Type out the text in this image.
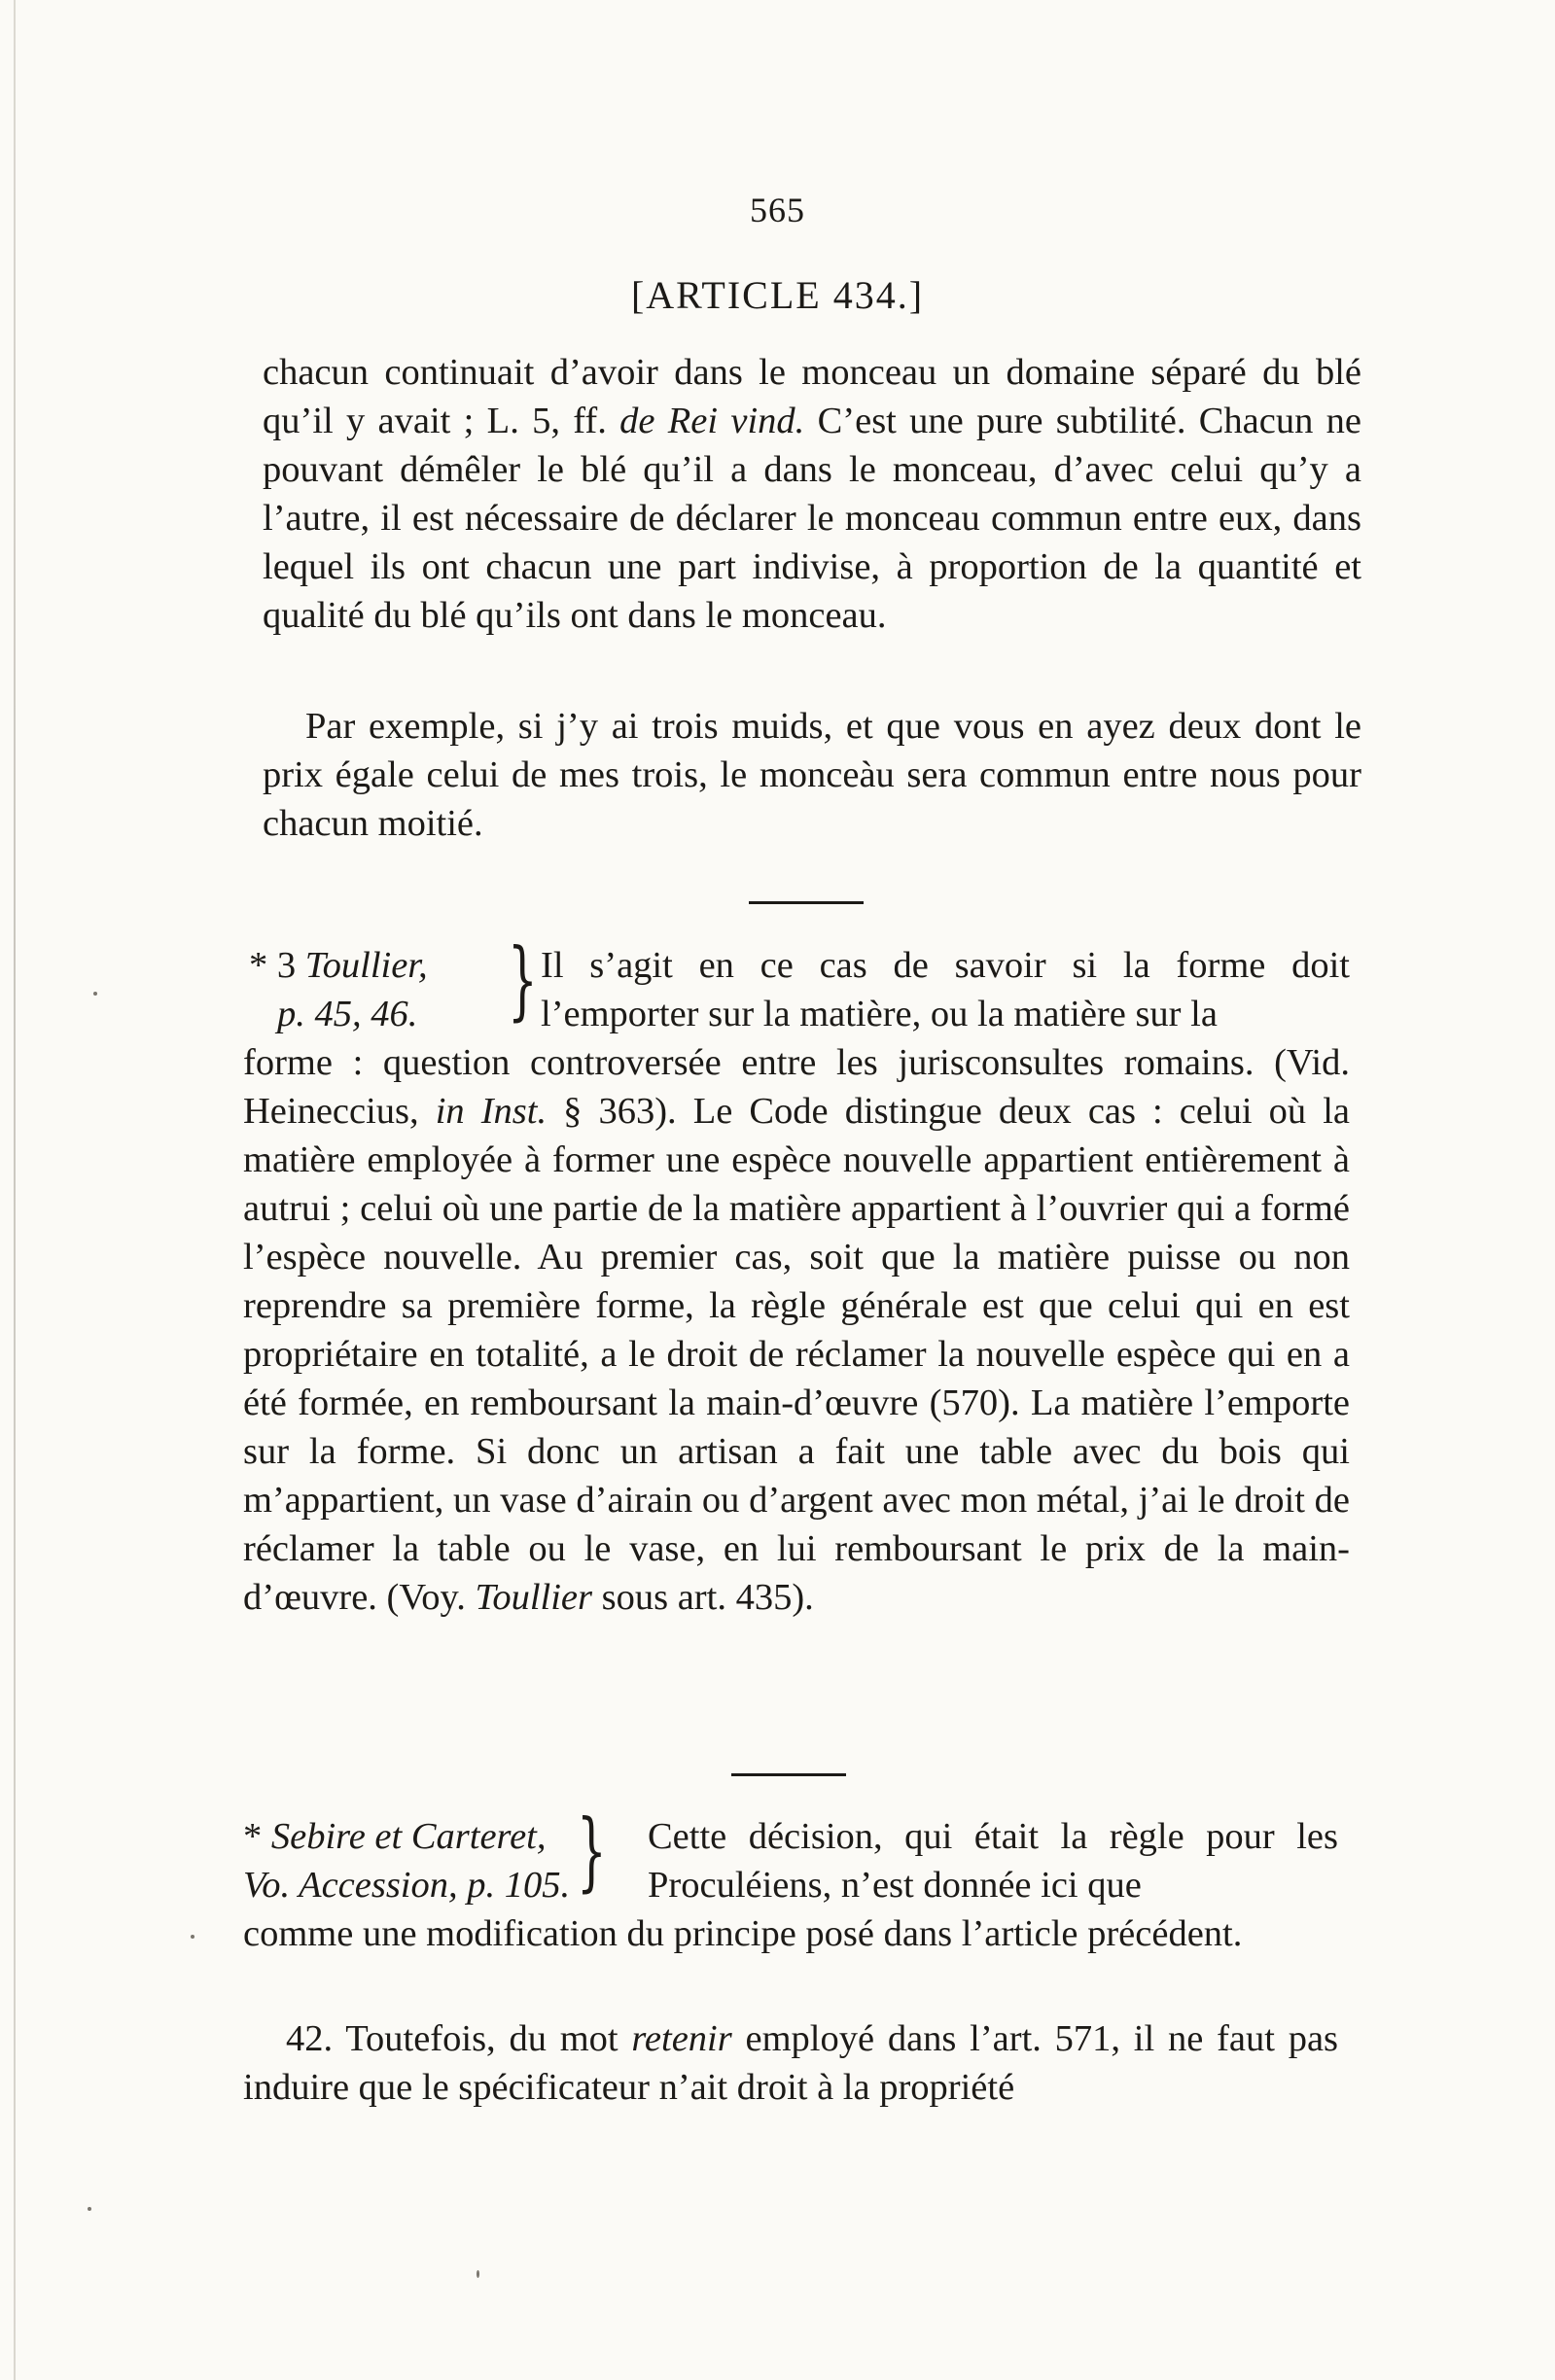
565
[ARTICLE 434.]
chacun continuait d’avoir dans le monceau un domaine séparé du blé qu’il y avait ; L. 5, ff. de Rei vind. C’est une pure subtilité. Chacun ne pouvant démêler le blé qu’il a dans le monceau, d’avec celui qu’y a l’autre, il est nécessaire de déclarer le monceau commun entre eux, dans lequel ils ont chacun une part indivise, à proportion de la quantité et qualité du blé qu’ils ont dans le monceau.
Par exemple, si j’y ai trois muids, et que vous en ayez deux dont le prix égale celui de mes trois, le monceàu sera commun entre nous pour chacun moitié.
* 3 Toullier,
p. 45, 46. } Il s’agit en ce cas de savoir si la forme doit l’emporter sur la matière, ou la matière sur la
forme : question controversée entre les jurisconsultes romains. (Vid. Heineccius, in Inst. § 363). Le Code distingue deux cas : celui où la matière employée à former une espèce nouvelle appartient entièrement à autrui ; celui où une partie de la matière appartient à l’ouvrier qui a formé l’espèce nouvelle. Au premier cas, soit que la matière puisse ou non reprendre sa première forme, la règle générale est que celui qui en est propriétaire en totalité, a le droit de réclamer la nouvelle espèce qui en a été formée, en remboursant la main-d’œuvre (570). La matière l’emporte sur la forme. Si donc un artisan a fait une table avec du bois qui m’appartient, un vase d’airain ou d’argent avec mon métal, j’ai le droit de réclamer la table ou le vase, en lui remboursant le prix de la main-d’œuvre. (Voy. Toullier sous art. 435).
* Sebire et Carteret,
Vo. Accession, p. 105. } Cette décision, qui était la règle pour les Proculéiens, n’est donnée ici que
comme une modification du principe posé dans l’article précédent.
42. Toutefois, du mot retenir employé dans l’art. 571, il ne faut pas induire que le spécificateur n’ait droit à la propriété
